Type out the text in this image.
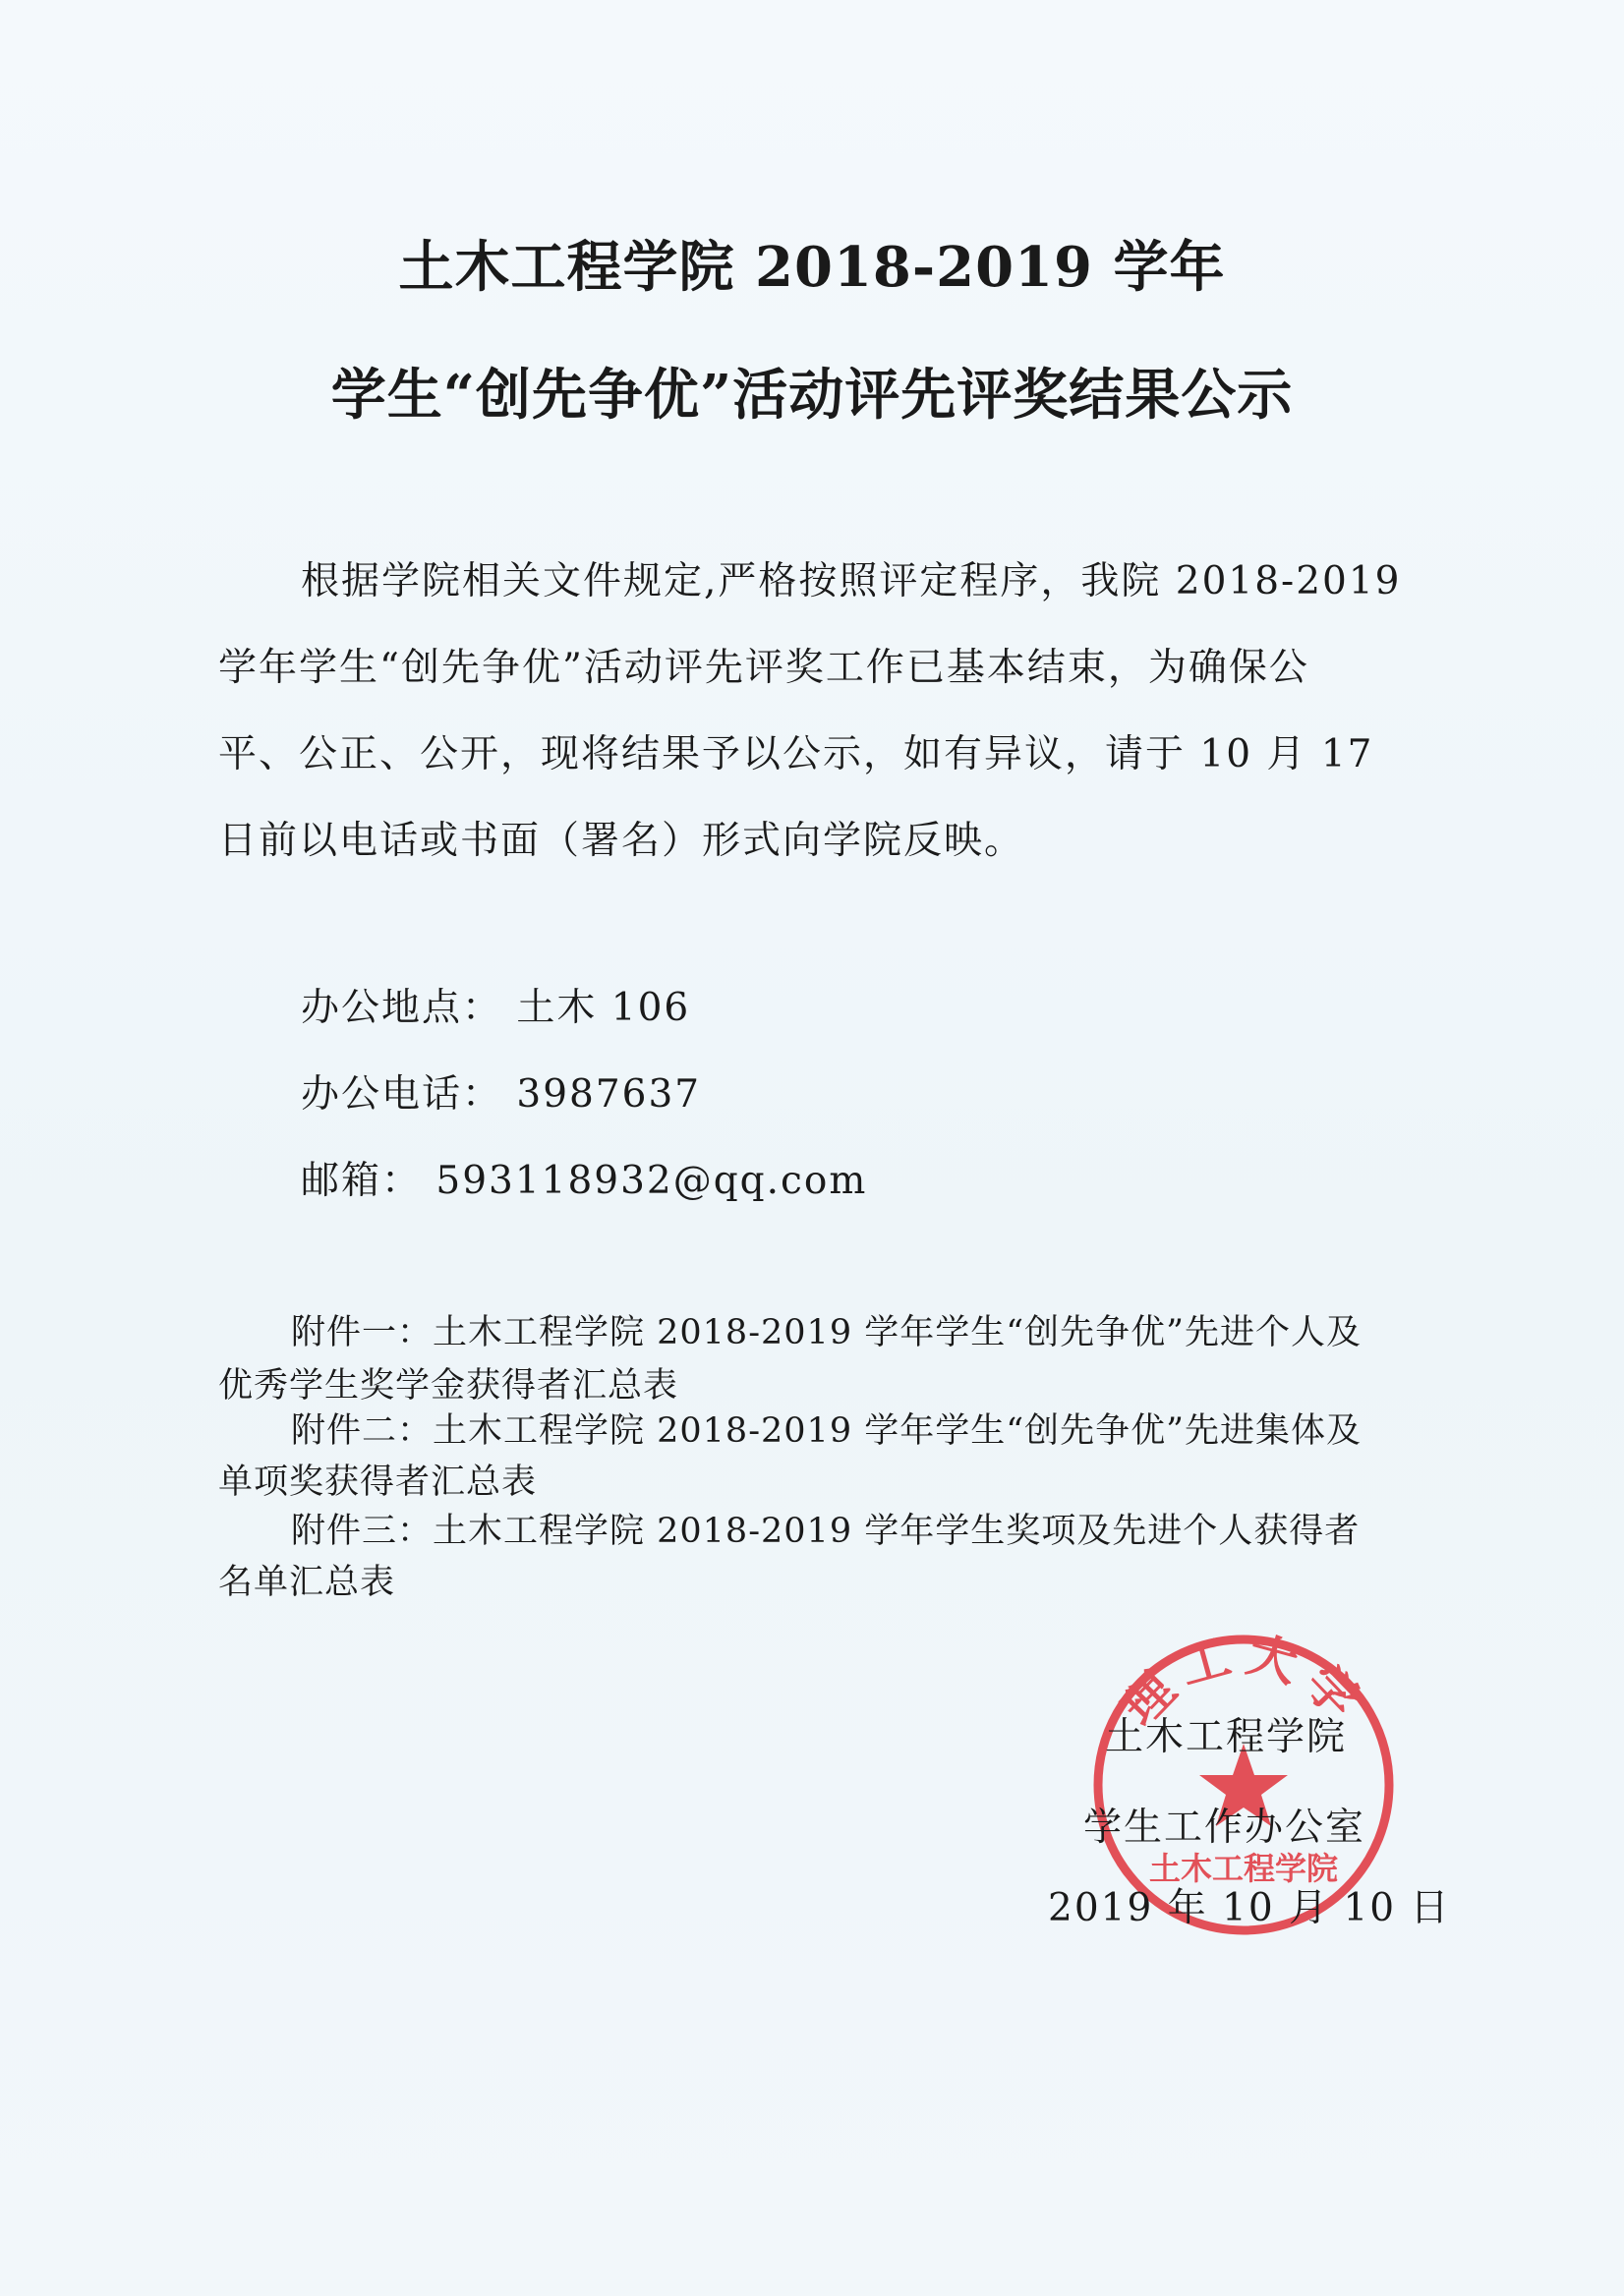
土木工程学院 2018-2019 学年
学生“创先争优”活动评先评奖结果公示
根据学院相关文件规定,严格按照评定程序，我院 2018-2019
学年学生“创先争优”活动评先评奖工作已基本结束，为确保公
平、公正、公开，现将结果予以公示，如有异议，请于 10 月 17
日前以电话或书面（署名）形式向学院反映。
办公地点： 土木 106
办公电话： 3987637
邮箱： 593118932@qq.com
附件一：土木工程学院 2018-2019 学年学生“创先争优”先进个人及
优秀学生奖学金获得者汇总表
附件二：土木工程学院 2018-2019 学年学生“创先争优”先进集体及
单项奖获得者汇总表
附件三：土木工程学院 2018-2019 学年学生奖项及先进个人获得者
名单汇总表
理工大学
土木工程学院
土木工程学院
学生工作办公室
2019 年 10 月 10 日
